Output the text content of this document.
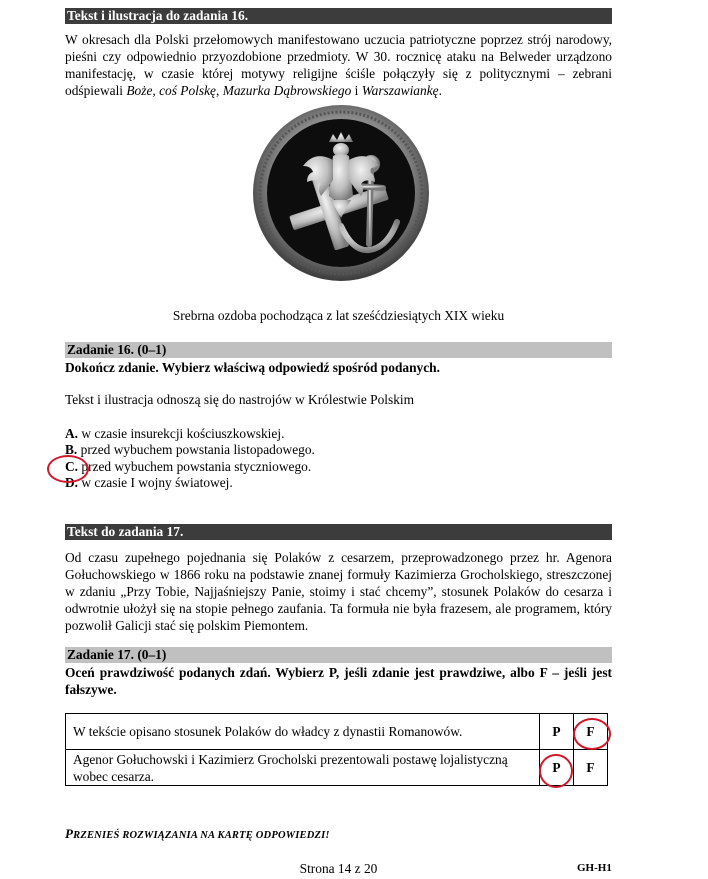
Tekst i ilustracja do zadania 16.
W okresach dla Polski przełomowych manifestowano uczucia patriotyczne poprzez strój narodowy, pieśni czy odpowiednio przyozdobione przedmioty. W 30. rocznicę ataku na Belweder urządzono manifestację, w czasie której motywy religijne ściśle połączyły się z politycznymi – zebrani odśpiewali Boże, coś Polskę, Mazurka Dąbrowskiego i Warszawiankę.
Srebrna ozdoba pochodząca z lat sześćdziesiątych XIX wieku
Zadanie 16. (0–1)
Dokończ zdanie. Wybierz właściwą odpowiedź spośród podanych.
Tekst i ilustracja odnoszą się do nastrojów w Królestwie Polskim
A. w czasie insurekcji kościuszkowskiej.
B. przed wybuchem powstania listopadowego.
C. przed wybuchem powstania styczniowego.
D. w czasie I wojny światowej.
Tekst do zadania 17.
Od czasu zupełnego pojednania się Polaków z cesarzem, przeprowadzonego przez hr. Agenora Gołuchowskiego w 1866 roku na podstawie znanej formuły Kazimierza Grocholskiego, streszczonej w zdaniu „Przy Tobie, Najjaśniejszy Panie, stoimy i stać chcemy”, stosunek Polaków do cesarza i odwrotnie ułożył się na stopie pełnego zaufania. Ta formuła nie była frazesem, ale programem, który pozwolił Galicji stać się polskim Piemontem.
Zadanie 17. (0–1)
Oceń prawdziwość podanych zdań. Wybierz P, jeśli zdanie jest prawdziwe, albo F – jeśli jest fałszywe.
W tekście opisano stosunek Polaków do władcy z dynastii Romanowów.	P	F
Agenor Gołuchowski i Kazimierz Grocholski prezentowali postawę lojalistyczną wobec cesarza.	P	F
PRZENIEŚ ROZWIĄZANIA NA KARTĘ ODPOWIEDZI!
Strona 14 z 20	GH-H1
